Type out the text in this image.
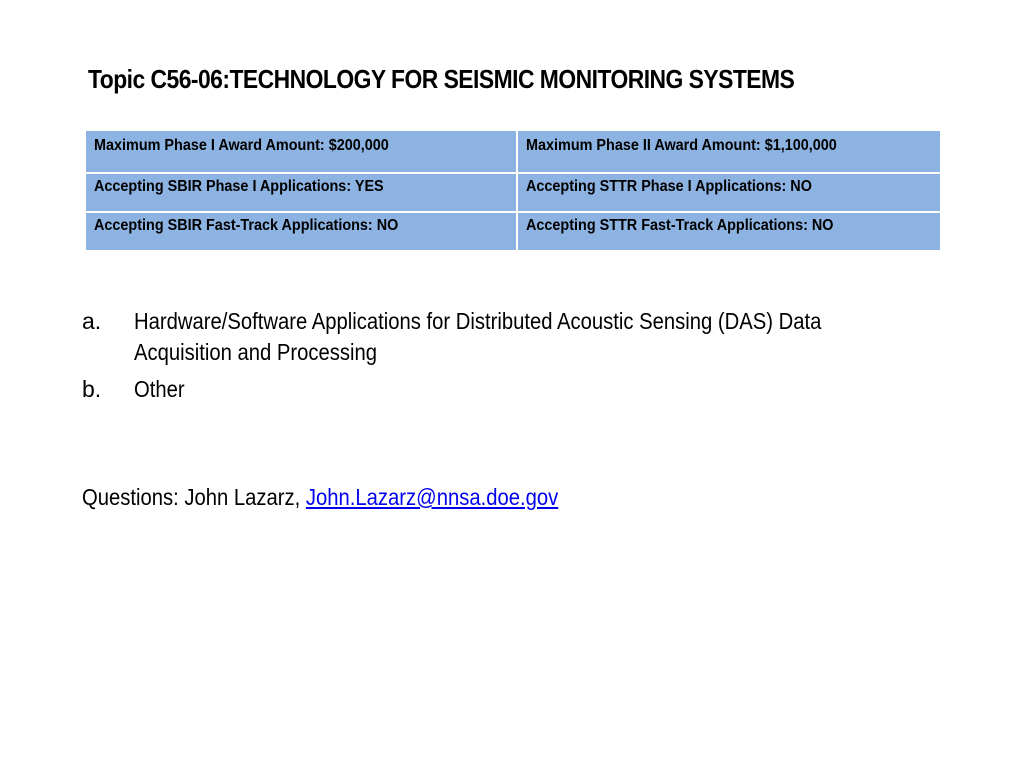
Topic C56-06:TECHNOLOGY FOR SEISMIC MONITORING SYSTEMS
Maximum Phase I Award Amount: $200,000	Maximum Phase II Award Amount: $1,100,000
Accepting SBIR Phase I Applications: YES	Accepting STTR Phase I Applications: NO
Accepting SBIR Fast-Track Applications: NO	Accepting STTR Fast-Track Applications: NO
a.	Hardware/Software Applications for Distributed Acoustic Sensing (DAS) Data Acquisition and Processing
b.	Other
Questions: John Lazarz, John.Lazarz@nnsa.doe.gov
